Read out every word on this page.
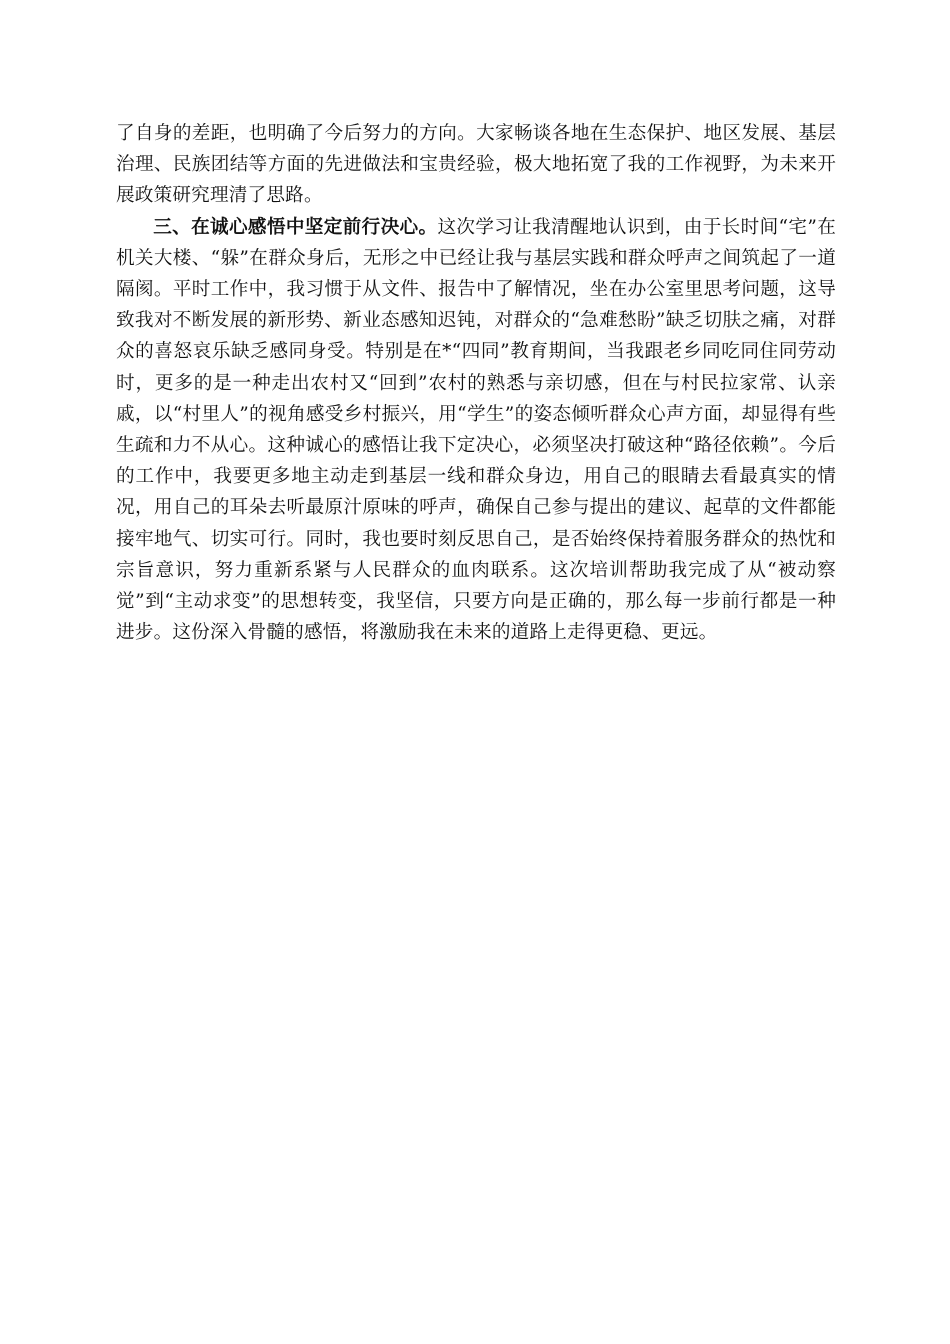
了自身的差距，也明确了今后努力的方向。大家畅谈各地在生态保护、地区发展、基层治理、民族团结等方面的先进做法和宝贵经验，极大地拓宽了我的工作视野，为未来开展政策研究理清了思路。

三、在诚心感悟中坚定前行决心。这次学习让我清醒地认识到，由于长时间“宅”在机关大楼、“躲”在群众身后，无形之中已经让我与基层实践和群众呼声之间筑起了一道隔阂。平时工作中，我习惯于从文件、报告中了解情况，坐在办公室里思考问题，这导致我对不断发展的新形势、新业态感知迟钝，对群众的“急难愁盼”缺乏切肤之痛，对群众的喜怒哀乐缺乏感同身受。特别是在*“四同”教育期间，当我跟老乡同吃同住同劳动时，更多的是一种走出农村又“回到”农村的熟悉与亲切感，但在与村民拉家常、认亲戚，以“村里人”的视角感受乡村振兴，用“学生”的姿态倾听群众心声方面，却显得有些生疏和力不从心。这种诚心的感悟让我下定决心，必须坚决打破这种“路径依赖”。今后的工作中，我要更多地主动走到基层一线和群众身边，用自己的眼睛去看最真实的情况，用自己的耳朵去听最原汁原味的呼声，确保自己参与提出的建议、起草的文件都能接牢地气、切实可行。同时，我也要时刻反思自己，是否始终保持着服务群众的热忱和宗旨意识，努力重新系紧与人民群众的血肉联系。这次培训帮助我完成了从“被动察觉”到“主动求变”的思想转变，我坚信，只要方向是正确的，那么每一步前行都是一种进步。这份深入骨髓的感悟，将激励我在未来的道路上走得更稳、更远。
